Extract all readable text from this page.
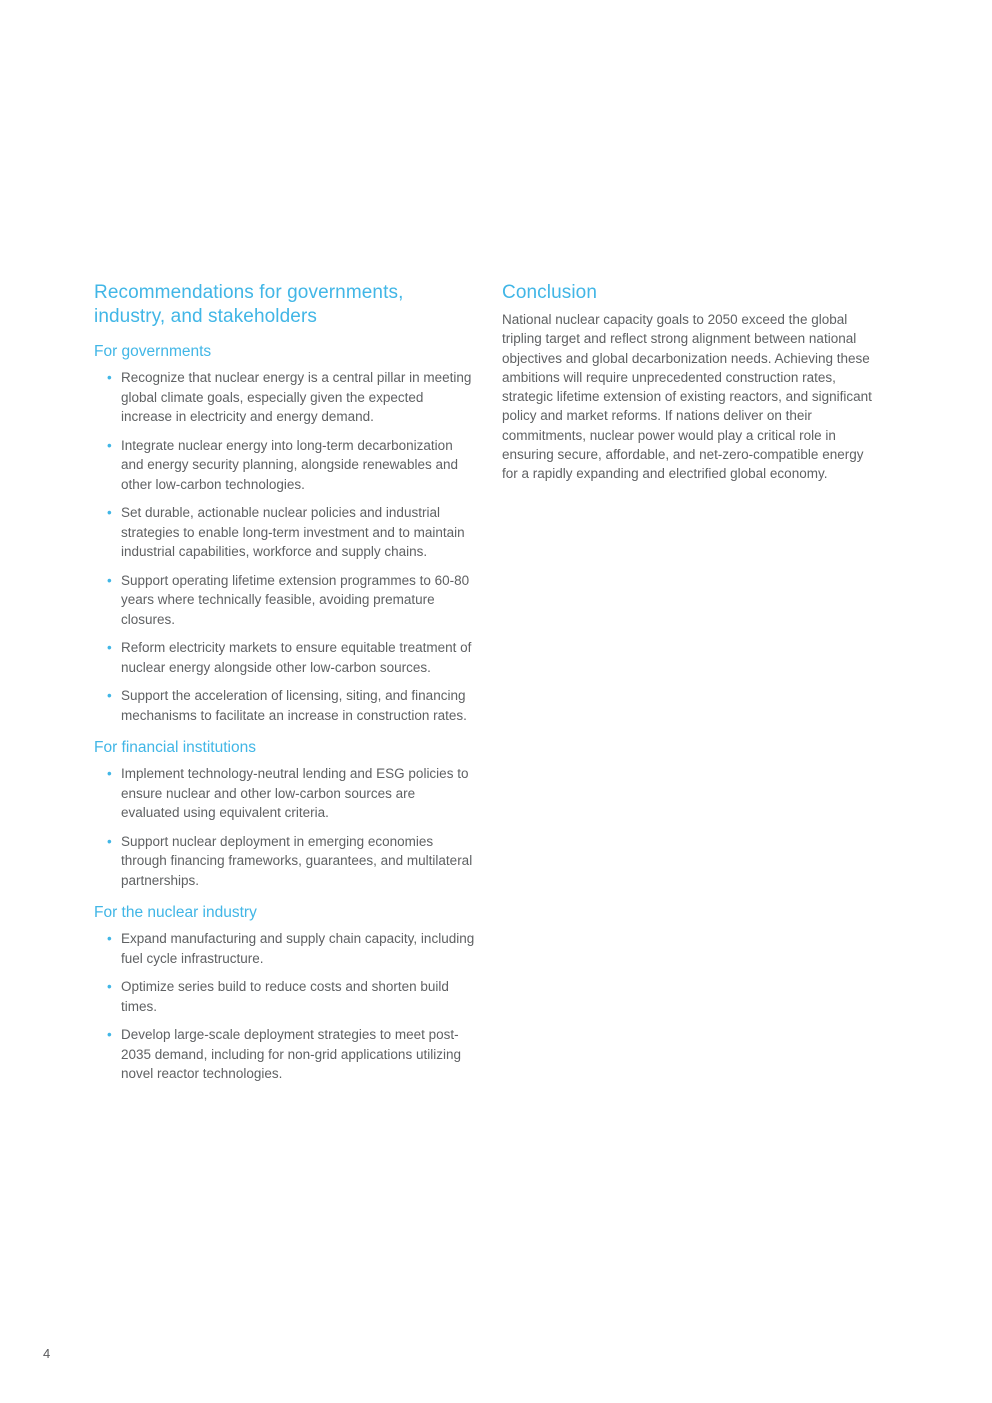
Recommendations for governments, industry, and stakeholders
For governments
• Recognize that nuclear energy is a central pillar in meeting global climate goals, especially given the expected increase in electricity and energy demand.
• Integrate nuclear energy into long-term decarbonization and energy security planning, alongside renewables and other low-carbon technologies.
• Set durable, actionable nuclear policies and industrial strategies to enable long-term investment and to maintain industrial capabilities, workforce and supply chains.
• Support operating lifetime extension programmes to 60-80 years where technically feasible, avoiding premature closures.
• Reform electricity markets to ensure equitable treatment of nuclear energy alongside other low-carbon sources.
• Support the acceleration of licensing, siting, and financing mechanisms to facilitate an increase in construction rates.
For financial institutions
• Implement technology-neutral lending and ESG policies to ensure nuclear and other low-carbon sources are evaluated using equivalent criteria.
• Support nuclear deployment in emerging economies through financing frameworks, guarantees, and multilateral partnerships.
For the nuclear industry
• Expand manufacturing and supply chain capacity, including fuel cycle infrastructure.
• Optimize series build to reduce costs and shorten build times.
• Develop large-scale deployment strategies to meet post-2035 demand, including for non-grid applications utilizing novel reactor technologies.
Conclusion

National nuclear capacity goals to 2050 exceed the global tripling target and reflect strong alignment between national objectives and global decarbonization needs. Achieving these ambitions will require unprecedented construction rates, strategic lifetime extension of existing reactors, and significant policy and market reforms. If nations deliver on their commitments, nuclear power would play a critical role in ensuring secure, affordable, and net-zero-compatible energy for a rapidly expanding and electrified global economy.

4
